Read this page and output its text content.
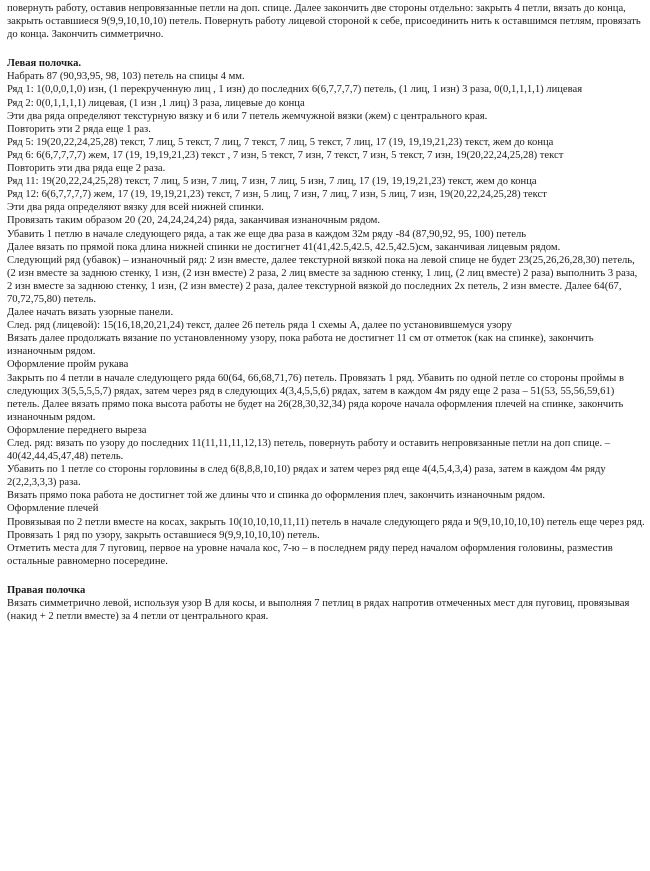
повернуть работу, оставив непровязанные петли на доп. спице. Далее закончить две стороны отдельно: закрыть 4 петли, вязать до конца, закрыть оставшиеся 9(9,9,10,10,10) петель. Повернуть работу лицевой стороной к себе, присоединить нить к оставшимся петлям, провязать до конца. Закончить симметрично.

Левая полочка.

Набрать 87 (90,93,95, 98, 103) петель на спицы 4 мм.

Ряд 1: 1(0,0,0,1,0) изн, (1 перекрученную лиц , 1 изн) до последних 6(6,7,7,7,7) петель, (1 лиц, 1 изн) 3 раза, 0(0,1,1,1,1) лицевая

Ряд 2: 0(0,1,1,1,1) лицевая, (1 изн ,1 лиц) 3 раза, лицевые до конца

Эти два ряда определяют текстурную вязку и 6 или 7 петель жемчужной вязки (жем) с центрального края.

Повторить эти 2 ряда еще 1 раз.

Ряд 5: 19(20,22,24,25,28) текст, 7 лиц, 5 текст, 7 лиц, 7 текст, 7 лиц, 5 текст, 7 лиц, 17 (19, 19,19,21,23) текст, жем до конца

Ряд 6: 6(6,7,7,7,7) жем, 17 (19, 19,19,21,23) текст , 7 изн, 5 текст, 7 изн, 7 текст, 7 изн, 5 текст, 7 изн, 19(20,22,24,25,28) текст

Повторить эти два ряда еще 2 раза.

Ряд 11: 19(20,22,24,25,28) текст, 7 лиц, 5 изн, 7 лиц, 7 изн, 7 лиц, 5 изн, 7 лиц, 17 (19, 19,19,21,23) текст, жем до конца

Ряд 12: 6(6,7,7,7,7) жем, 17 (19, 19,19,21,23) текст, 7 изн, 5 лиц, 7 изн, 7 лиц, 7 изн, 5 лиц, 7 изн, 19(20,22,24,25,28) текст

Эти два ряда определяют вязку для всей нижней спинки.

Провязать таким образом 20 (20, 24,24,24,24) ряда, заканчивая изнаночным рядом.

Убавить 1 петлю в начале следующего ряда, а так же еще два раза в каждом 32м ряду -84 (87,90,92, 95, 100) петель

Далее вязать по прямой пока длина нижней спинки не достигнет 41(41,42.5,42.5, 42.5,42.5)см, заканчивая лицевым рядом.

Следующий ряд (убавок) – изнаночный ряд: 2 изн вместе, далее текстурной вязкой пока на левой спице не будет 23(25,26,26,28,30) петель, (2 изн вместе за заднюю стенку, 1 изн, (2 изн вместе) 2 раза, 2 лиц вместе за заднюю стенку, 1 лиц, (2 лиц вместе) 2 раза) выполнить 3 раза, 2 изн вместе за заднюю стенку, 1 изн, (2 изн вместе) 2 раза, далее текстурной вязкой до последних 2х петель, 2 изн вместе. Далее 64(67, 70,72,75,80) петель.

Далее начать вязать узорные панели.

След. ряд (лицевой): 15(16,18,20,21,24) текст, далее 26 петель ряда 1 схемы А, далее по установившемуся узору

Вязать далее продолжать вязание по установленному узору, пока работа не достигнет 11 см от отметок (как на спинке), закончить изнаночным рядом.

Оформление пройм рукава

Закрыть по 4 петли в начале следующего ряда 60(64, 66,68,71,76) петель. Провязать 1 ряд. Убавить по одной петле со стороны проймы в следующих 3(5,5,5,5,7) рядах, затем через ряд в следующих 4(3,4,5,5,6) рядах, затем в каждом 4м ряду еще 2 раза – 51(53, 55,56,59,61) петель. Далее вязать прямо пока высота работы не будет на 26(28,30,32,34) ряда короче начала оформления плечей на спинке, закончить изнаночным рядом.

Оформление переднего выреза

След. ряд: вязать по узору до последних 11(11,11,11,12,13) петель, повернуть работу и оставить непровязанные петли на доп спице. – 40(42,44,45,47,48) петель.

Убавить по 1 петле со стороны горловины в след 6(8,8,8,10,10) рядах и затем через ряд еще 4(4,5,4,3,4) раза, затем в каждом 4м ряду 2(2,2,3,3,3) раза.

Вязать прямо пока работа не достигнет той же длины что и спинка до оформления плеч, закончить изнаночным рядом.

Оформление плечей

Провязывая по 2 петли вместе на косах, закрыть 10(10,10,10,11,11) петель в начале следующего ряда и 9(9,10,10,10,10) петель еще через ряд. Провязать 1 ряд по узору, закрыть оставшиеся 9(9,9,10,10,10) петель.

Отметить места для 7 пуговиц, первое на уровне начала кос, 7-ю – в последнем ряду перед началом оформления головины, разместив остальные равномерно посередине.

Правая полочка

Вязать симметрично левой, используя узор В для косы, и выполняя 7 петлиц в рядах напротив отмеченных мест для пуговиц, провязывая (накид + 2 петли вместе) за 4 петли от центрального края.
